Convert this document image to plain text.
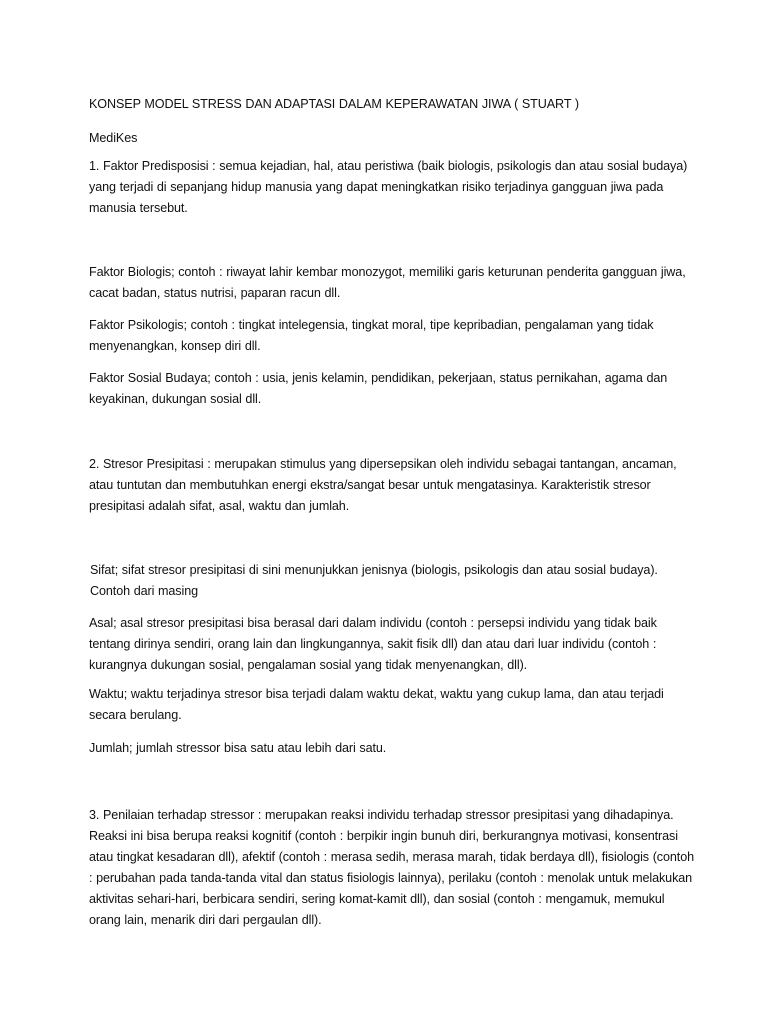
KONSEP MODEL STRESS DAN ADAPTASI DALAM KEPERAWATAN JIWA ( STUART )

MediKes

1. Faktor Predisposisi : semua kejadian, hal, atau peristiwa (baik biologis, psikologis dan atau sosial budaya) yang terjadi di sepanjang hidup manusia yang dapat meningkatkan risiko terjadinya gangguan jiwa pada manusia tersebut.

Faktor Biologis; contoh : riwayat lahir kembar monozygot, memiliki garis keturunan penderita gangguan jiwa, cacat badan, status nutrisi, paparan racun dll.

Faktor Psikologis; contoh : tingkat intelegensia, tingkat moral, tipe kepribadian, pengalaman yang tidak menyenangkan, konsep diri dll.

Faktor Sosial Budaya; contoh : usia, jenis kelamin, pendidikan, pekerjaan, status pernikahan, agama dan keyakinan, dukungan sosial dll.

2. Stresor Presipitasi : merupakan stimulus yang dipersepsikan oleh individu sebagai tantangan, ancaman, atau tuntutan dan membutuhkan energi ekstra/sangat besar untuk mengatasinya. Karakteristik stresor presipitasi adalah sifat, asal, waktu dan jumlah.

Sifat; sifat stresor presipitasi di sini menunjukkan jenisnya (biologis, psikologis dan atau sosial budaya). Contoh dari masing

Asal; asal stresor presipitasi bisa berasal dari dalam individu (contoh : persepsi individu yang tidak baik tentang dirinya sendiri, orang lain dan lingkungannya, sakit fisik dll) dan atau dari luar individu (contoh : kurangnya dukungan sosial, pengalaman sosial yang tidak menyenangkan, dll).

Waktu; waktu terjadinya stresor bisa terjadi dalam waktu dekat, waktu yang cukup lama, dan atau terjadi secara berulang.

Jumlah; jumlah stressor bisa satu atau lebih dari satu.

3. Penilaian terhadap stressor : merupakan reaksi individu terhadap stressor presipitasi yang dihadapinya. Reaksi ini bisa berupa reaksi kognitif (contoh : berpikir ingin bunuh diri, berkurangnya motivasi, konsentrasi atau tingkat kesadaran dll), afektif (contoh : merasa sedih, merasa marah, tidak berdaya dll), fisiologis (contoh : perubahan pada tanda-tanda vital dan status fisiologis lainnya), perilaku (contoh : menolak untuk melakukan aktivitas sehari-hari, berbicara sendiri, sering komat-kamit dll), dan sosial (contoh : mengamuk, memukul orang lain, menarik diri dari pergaulan dll).
